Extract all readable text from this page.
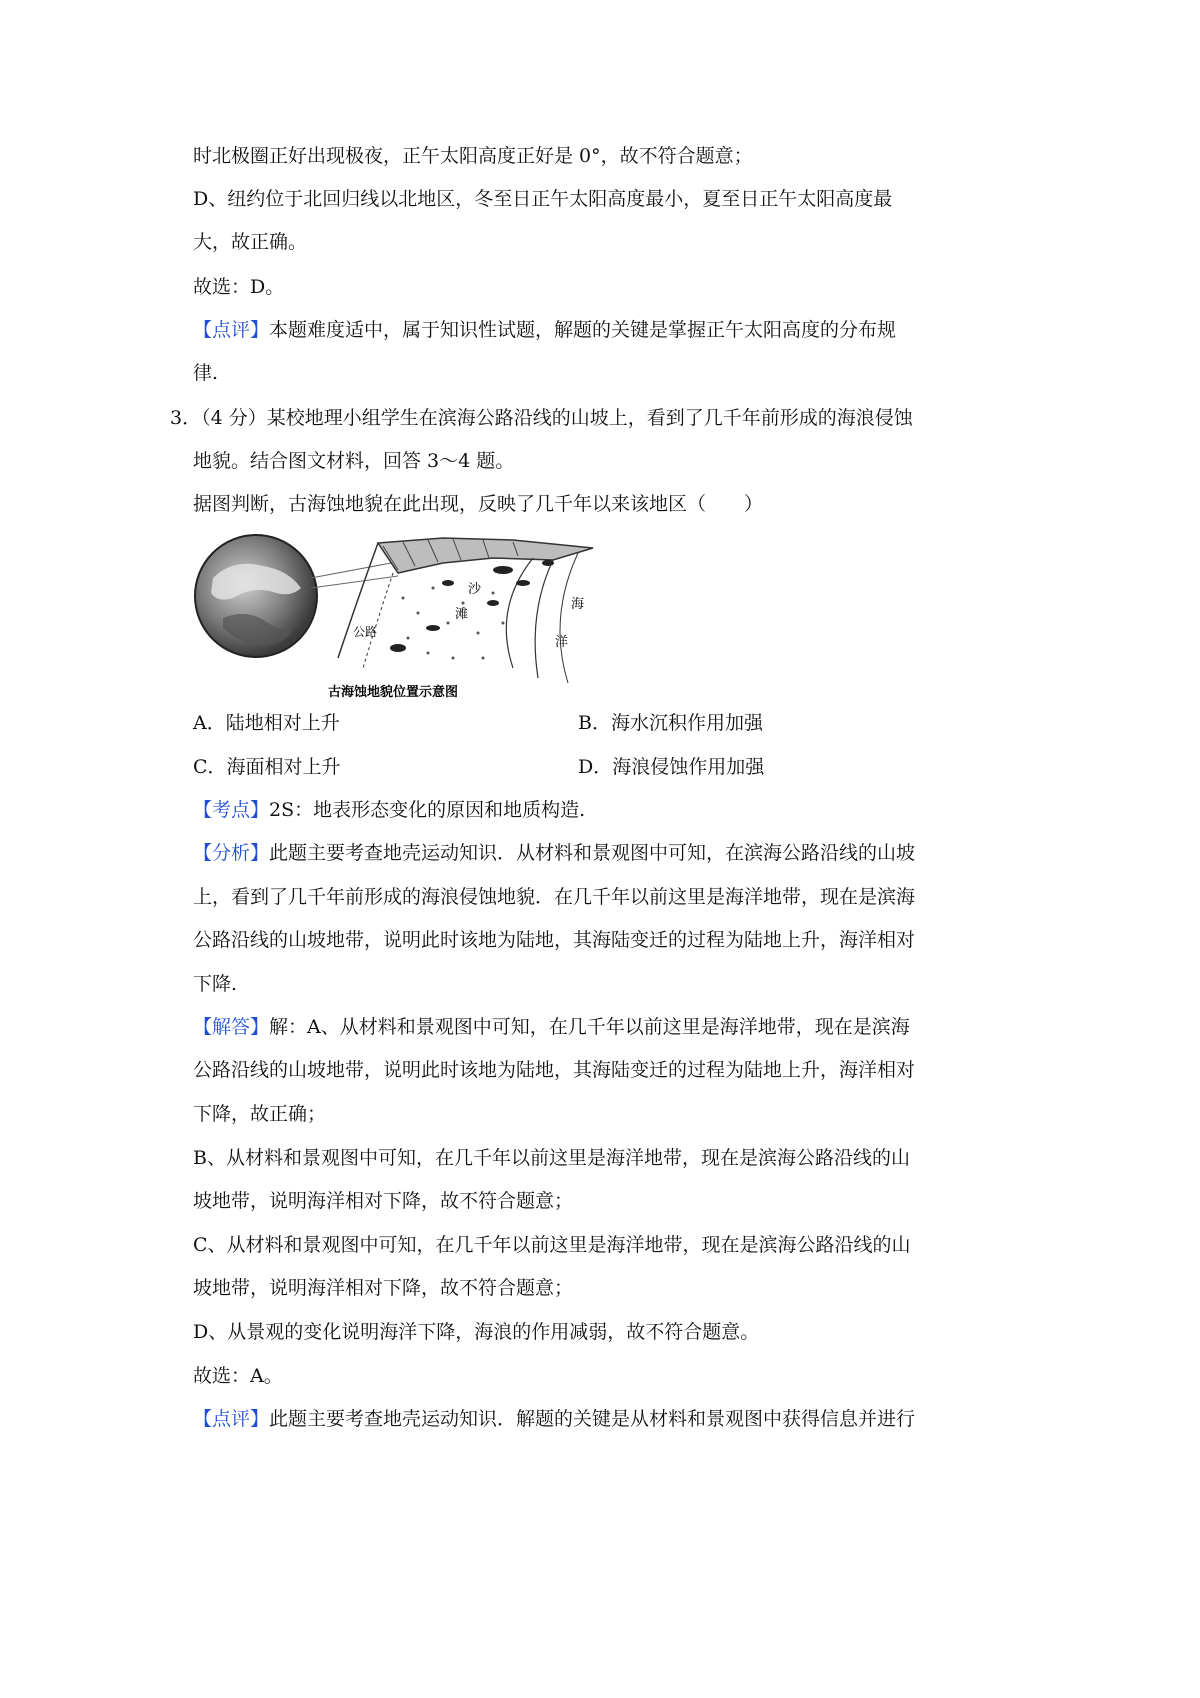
时北极圈正好出现极夜，正午太阳高度正好是 0°，故不符合题意；
D、纽约位于北回归线以北地区，冬至日正午太阳高度最小，夏至日正午太阳高度最
大，故正确。
故选：D。
【点评】本题难度适中，属于知识性试题，解题的关键是掌握正午太阳高度的分布规
律.
3．（4 分）某校地理小组学生在滨海公路沿线的山坡上，看到了几千年前形成的海浪侵蚀
地貌。结合图文材料，回答 3～4 题。
据图判断，古海蚀地貌在此出现，反映了几千年以来该地区（　　）
公路
沙
滩
海
洋
古海蚀地貌位置示意图
A．陆地相对上升	B．海水沉积作用加强
C．海面相对上升	D．海浪侵蚀作用加强
【考点】2S：地表形态变化的原因和地质构造.
【分析】此题主要考查地壳运动知识．从材料和景观图中可知，在滨海公路沿线的山坡
上，看到了几千年前形成的海浪侵蚀地貌．在几千年以前这里是海洋地带，现在是滨海
公路沿线的山坡地带，说明此时该地为陆地，其海陆变迁的过程为陆地上升，海洋相对
下降.
【解答】解：A、从材料和景观图中可知，在几千年以前这里是海洋地带，现在是滨海
公路沿线的山坡地带，说明此时该地为陆地，其海陆变迁的过程为陆地上升，海洋相对
下降，故正确；
B、从材料和景观图中可知，在几千年以前这里是海洋地带，现在是滨海公路沿线的山
坡地带，说明海洋相对下降，故不符合题意；
C、从材料和景观图中可知，在几千年以前这里是海洋地带，现在是滨海公路沿线的山
坡地带，说明海洋相对下降，故不符合题意；
D、从景观的变化说明海洋下降，海浪的作用减弱，故不符合题意。
故选：A。
【点评】此题主要考查地壳运动知识．解题的关键是从材料和景观图中获得信息并进行
